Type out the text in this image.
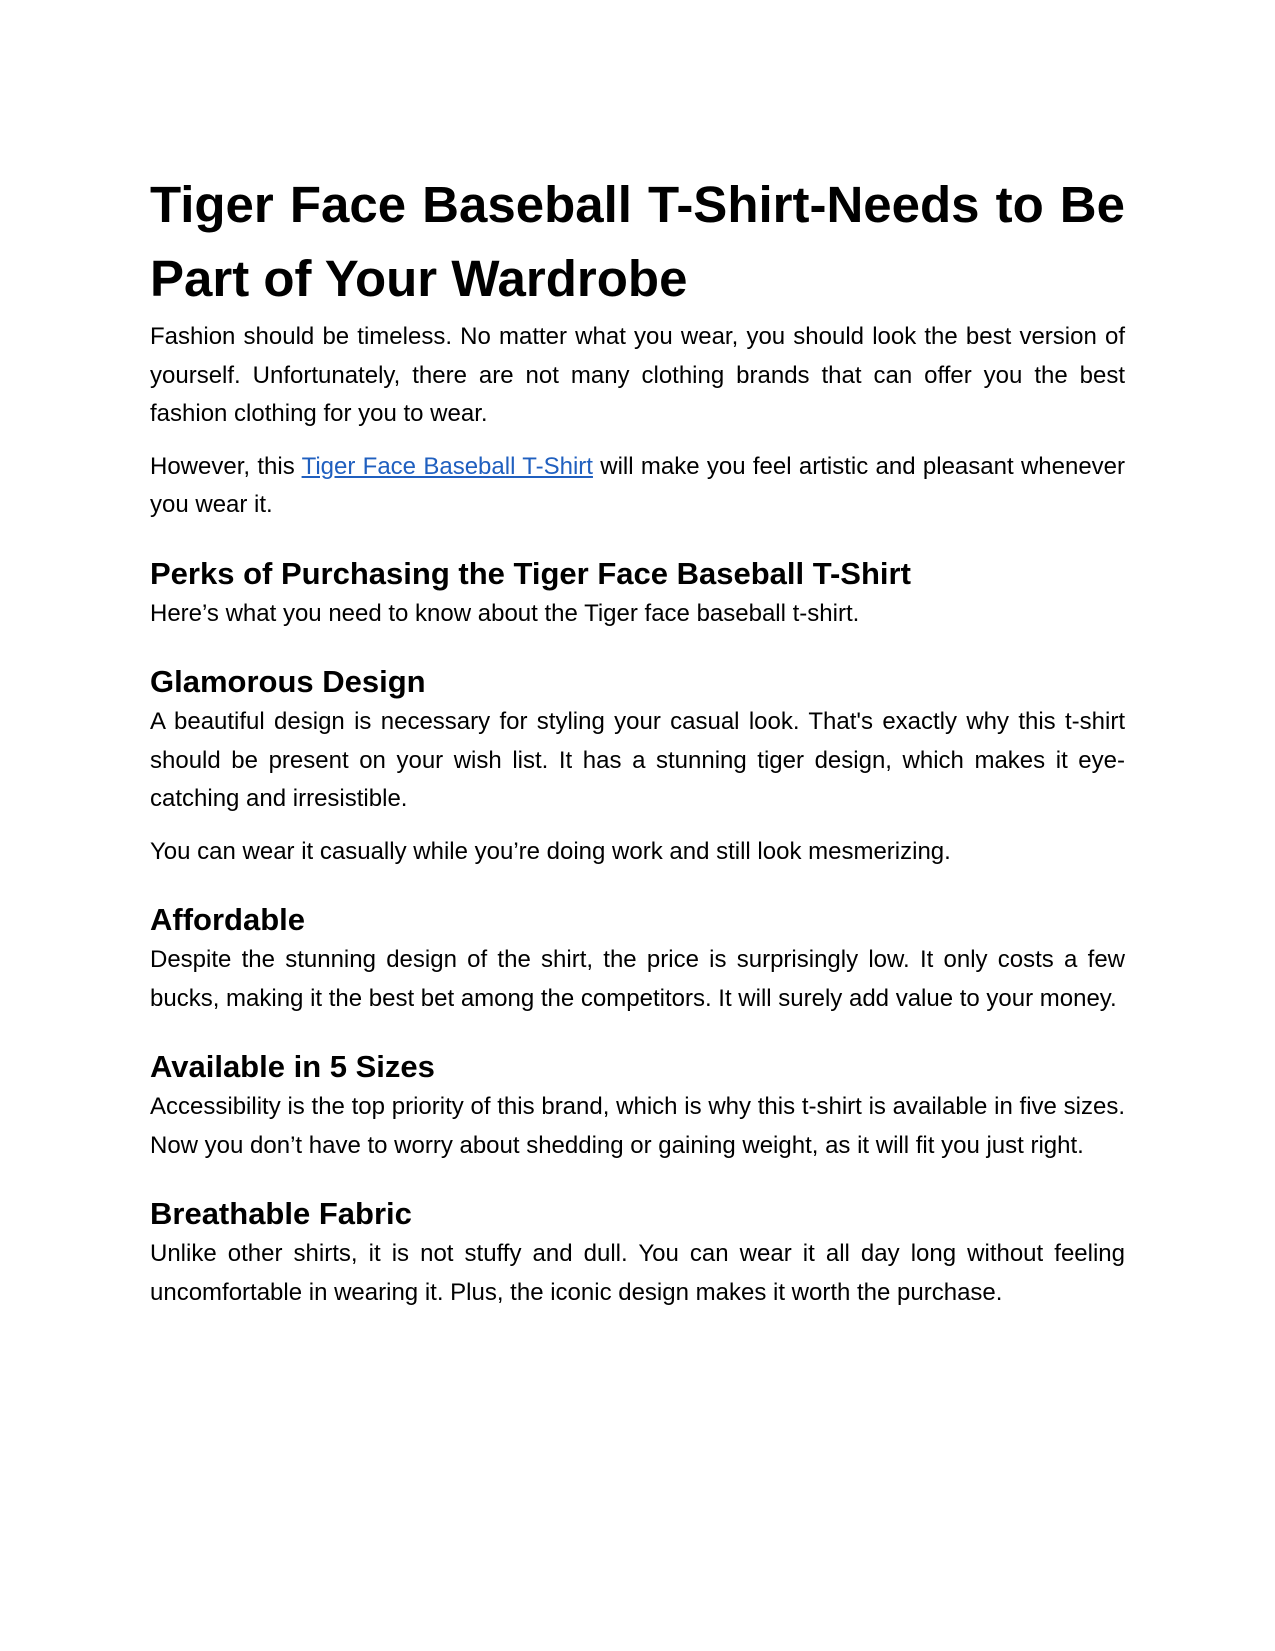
Tiger Face Baseball T-Shirt-Needs to Be
Part of Your Wardrobe

Fashion should be timeless. No matter what you wear, you should look the best version of yourself. Unfortunately, there are not many clothing brands that can offer you the best fashion clothing for you to wear.

However, this Tiger Face Baseball T-Shirt will make you feel artistic and pleasant whenever you wear it.

Perks of Purchasing the Tiger Face Baseball T-Shirt

Here’s what you need to know about the Tiger face baseball t-shirt.

Glamorous Design

A beautiful design is necessary for styling your casual look. That's exactly why this t-shirt should be present on your wish list. It has a stunning tiger design, which makes it eye-catching and irresistible.

You can wear it casually while you’re doing work and still look mesmerizing.

Affordable

Despite the stunning design of the shirt, the price is surprisingly low. It only costs a few bucks, making it the best bet among the competitors. It will surely add value to your money.

Available in 5 Sizes

Accessibility is the top priority of this brand, which is why this t-shirt is available in five sizes. Now you don’t have to worry about shedding or gaining weight, as it will fit you just right.

Breathable Fabric

Unlike other shirts, it is not stuffy and dull. You can wear it all day long without feeling uncomfortable in wearing it. Plus, the iconic design makes it worth the purchase.
